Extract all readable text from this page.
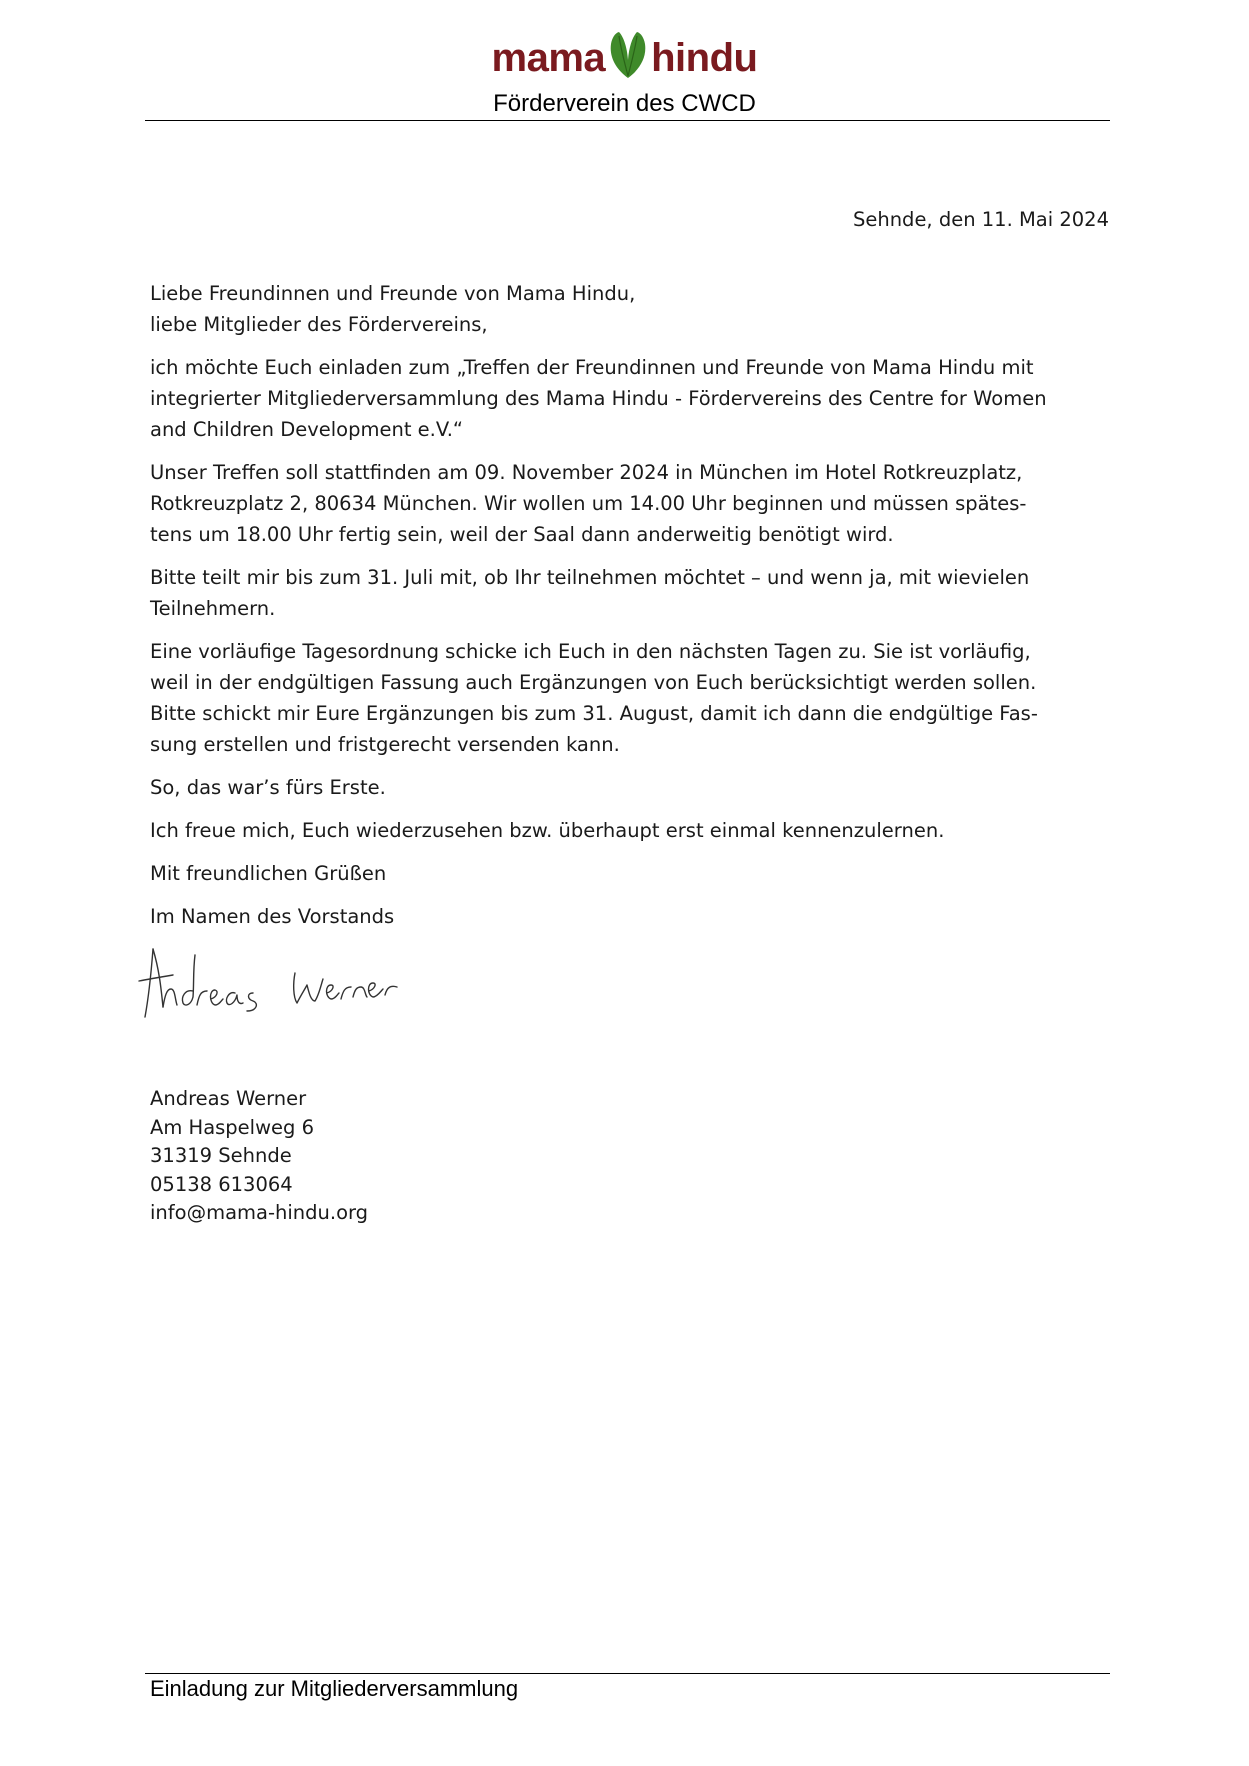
mama hindu
Förderverein des CWCD
Sehnde, den 11. Mai 2024

Liebe Freundinnen und Freunde von Mama Hindu,
liebe Mitglieder des Fördervereins,

ich möchte Euch einladen zum „Treffen der Freundinnen und Freunde von Mama Hindu mit
integrierter Mitgliederversammlung des Mama Hindu - Fördervereins des Centre for Women
and Children Development e.V.“

Unser Treffen soll stattfinden am 09. November 2024 in München im Hotel Rotkreuzplatz,
Rotkreuzplatz 2, 80634 München. Wir wollen um 14.00 Uhr beginnen und müssen spätes-
tens um 18.00 Uhr fertig sein, weil der Saal dann anderweitig benötigt wird.

Bitte teilt mir bis zum 31. Juli mit, ob Ihr teilnehmen möchtet – und wenn ja, mit wievielen
Teilnehmern.

Eine vorläufige Tagesordnung schicke ich Euch in den nächsten Tagen zu. Sie ist vorläufig,
weil in der endgültigen Fassung auch Ergänzungen von Euch berücksichtigt werden sollen.
Bitte schickt mir Eure Ergänzungen bis zum 31. August, damit ich dann die endgültige Fas-
sung erstellen und fristgerecht versenden kann.

So, das war’s fürs Erste.

Ich freue mich, Euch wiederzusehen bzw. überhaupt erst einmal kennenzulernen.

Mit freundlichen Grüßen

Im Namen des Vorstands

Andreas Werner
Am Haspelweg 6
31319 Sehnde
05138 613064
info@mama-hindu.org
Einladung zur Mitgliederversammlung
